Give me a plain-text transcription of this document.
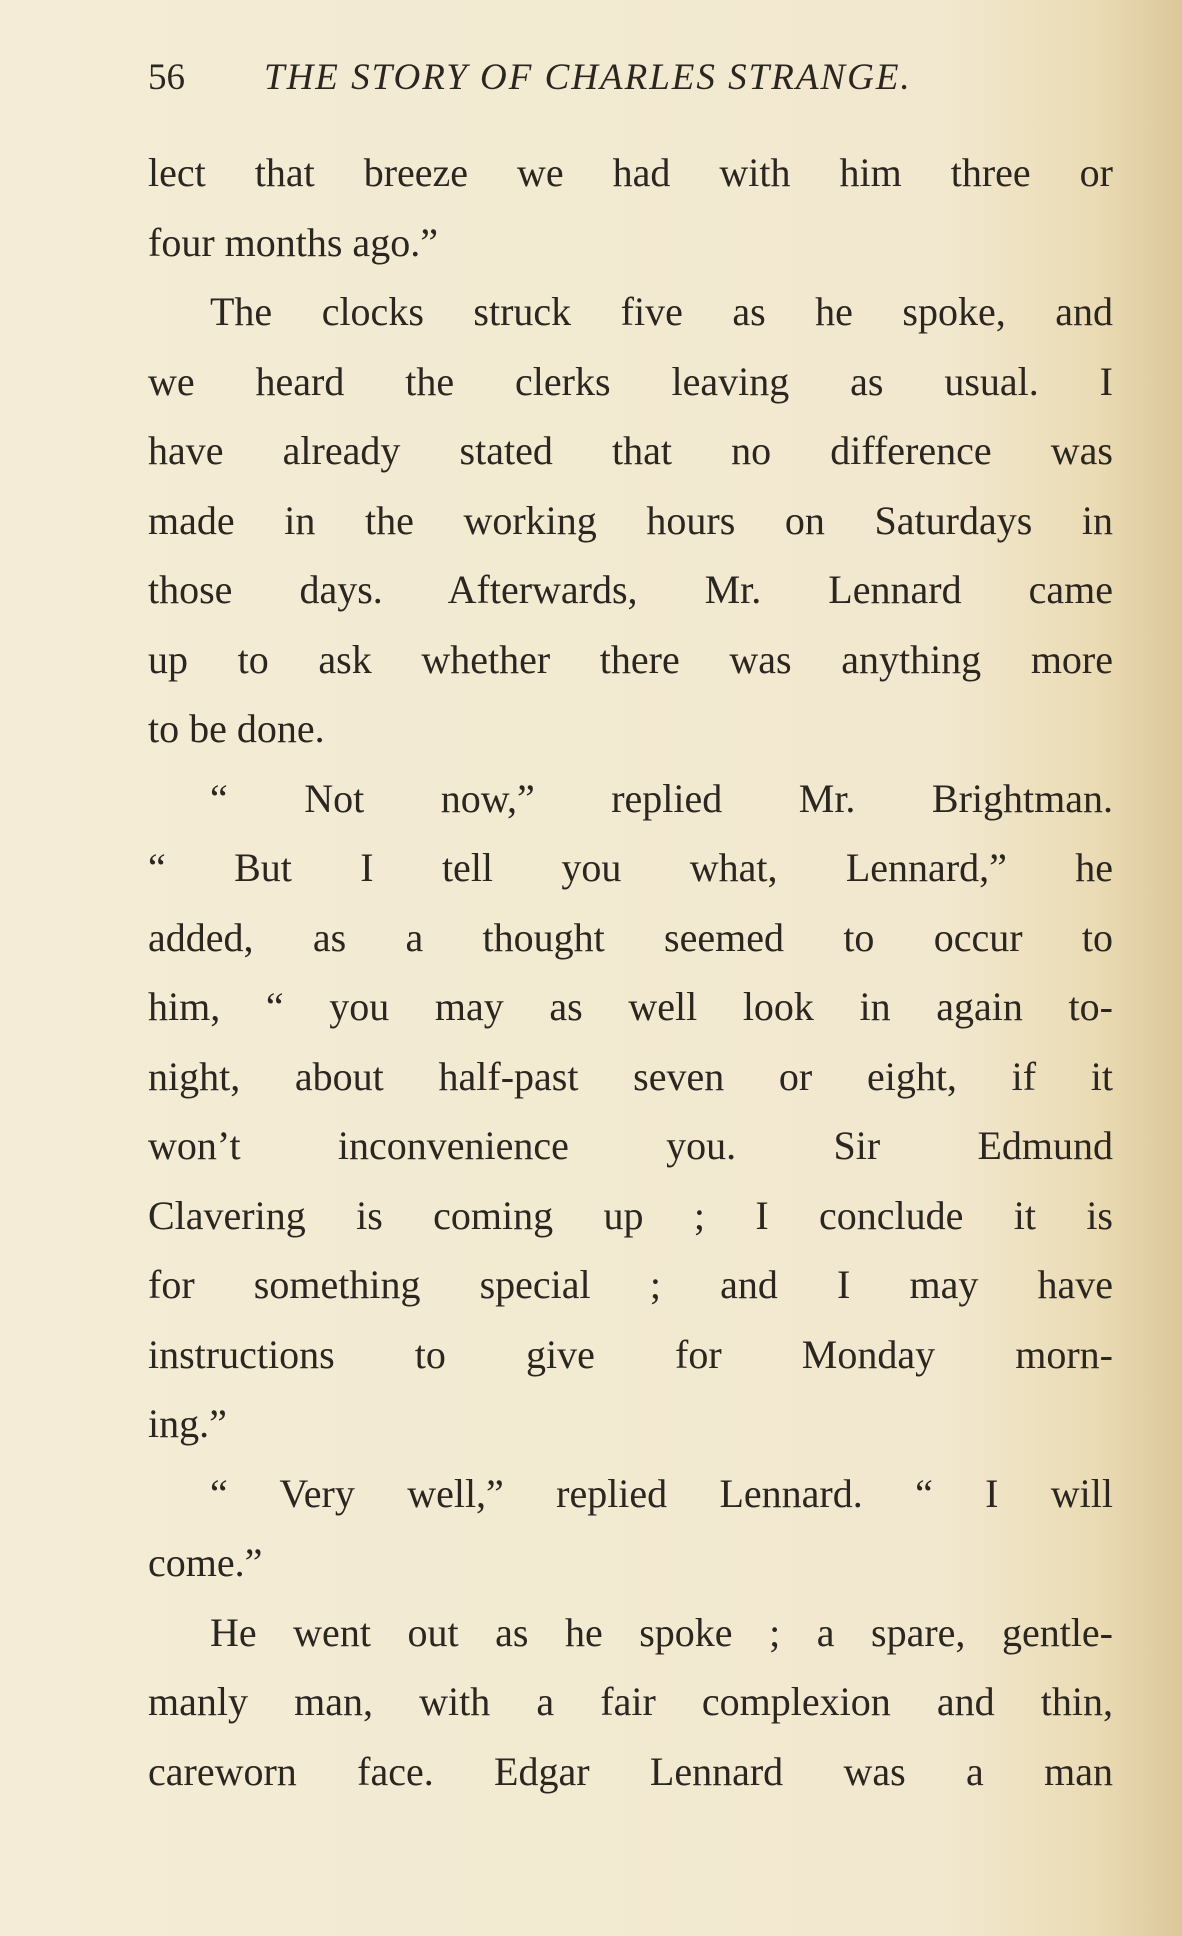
56 THE STORY OF CHARLES STRANGE.
lect that breeze we had with him three or
four months ago.”
The clocks struck five as he spoke, and
we heard the clerks leaving as usual. I
have already stated that no difference was
made in the working hours on Saturdays in
those days. Afterwards, Mr. Lennard came
up to ask whether there was anything more
to be done.
“ Not now,” replied Mr. Brightman.
“ But I tell you what, Lennard,” he
added, as a thought seemed to occur to
him, “ you may as well look in again to-
night, about half-past seven or eight, if it
won’t inconvenience you. Sir Edmund
Clavering is coming up ; I conclude it is
for something special ; and I may have
instructions to give for Monday morn-
ing.”
“ Very well,” replied Lennard. “ I will
come.”
He went out as he spoke ; a spare, gentle-
manly man, with a fair complexion and thin,
careworn face. Edgar Lennard was a man
